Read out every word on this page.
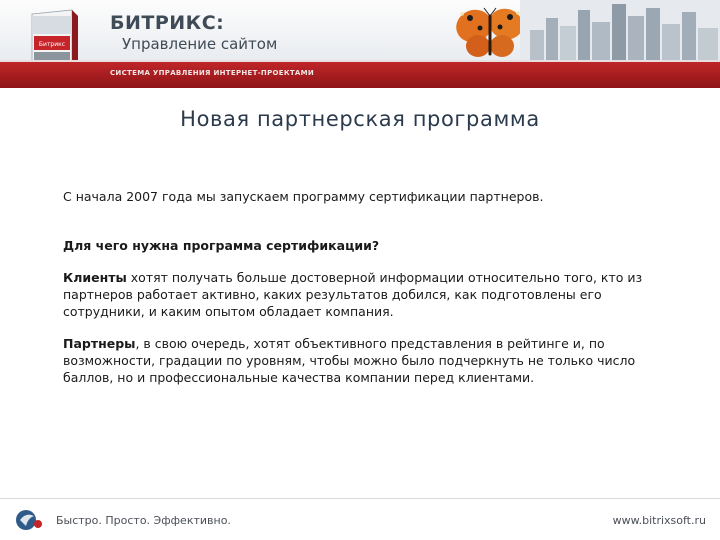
Битрикс
БИТРИКС:
Управление сайтом
СИСТЕМА УПРАВЛЕНИЯ ИНТЕРНЕТ-ПРОЕКТАМИ
Новая партнерская программа

С начала 2007 года мы запускаем программу сертификации партнеров.

Для чего нужна программа сертификации?

Клиенты хотят получать больше достоверной информации относительно того, кто из партнеров работает активно, каких результатов добился, как подготовлены его сотрудники, и каким опытом обладает компания.

Партнеры, в свою очередь, хотят объективного представления в рейтинге и, по возможности, градации по уровням, чтобы можно было подчеркнуть не только число баллов, но и профессиональные качества компании перед клиентами.

Быстро. Просто. Эффективно.	www.bitrixsoft.ru
